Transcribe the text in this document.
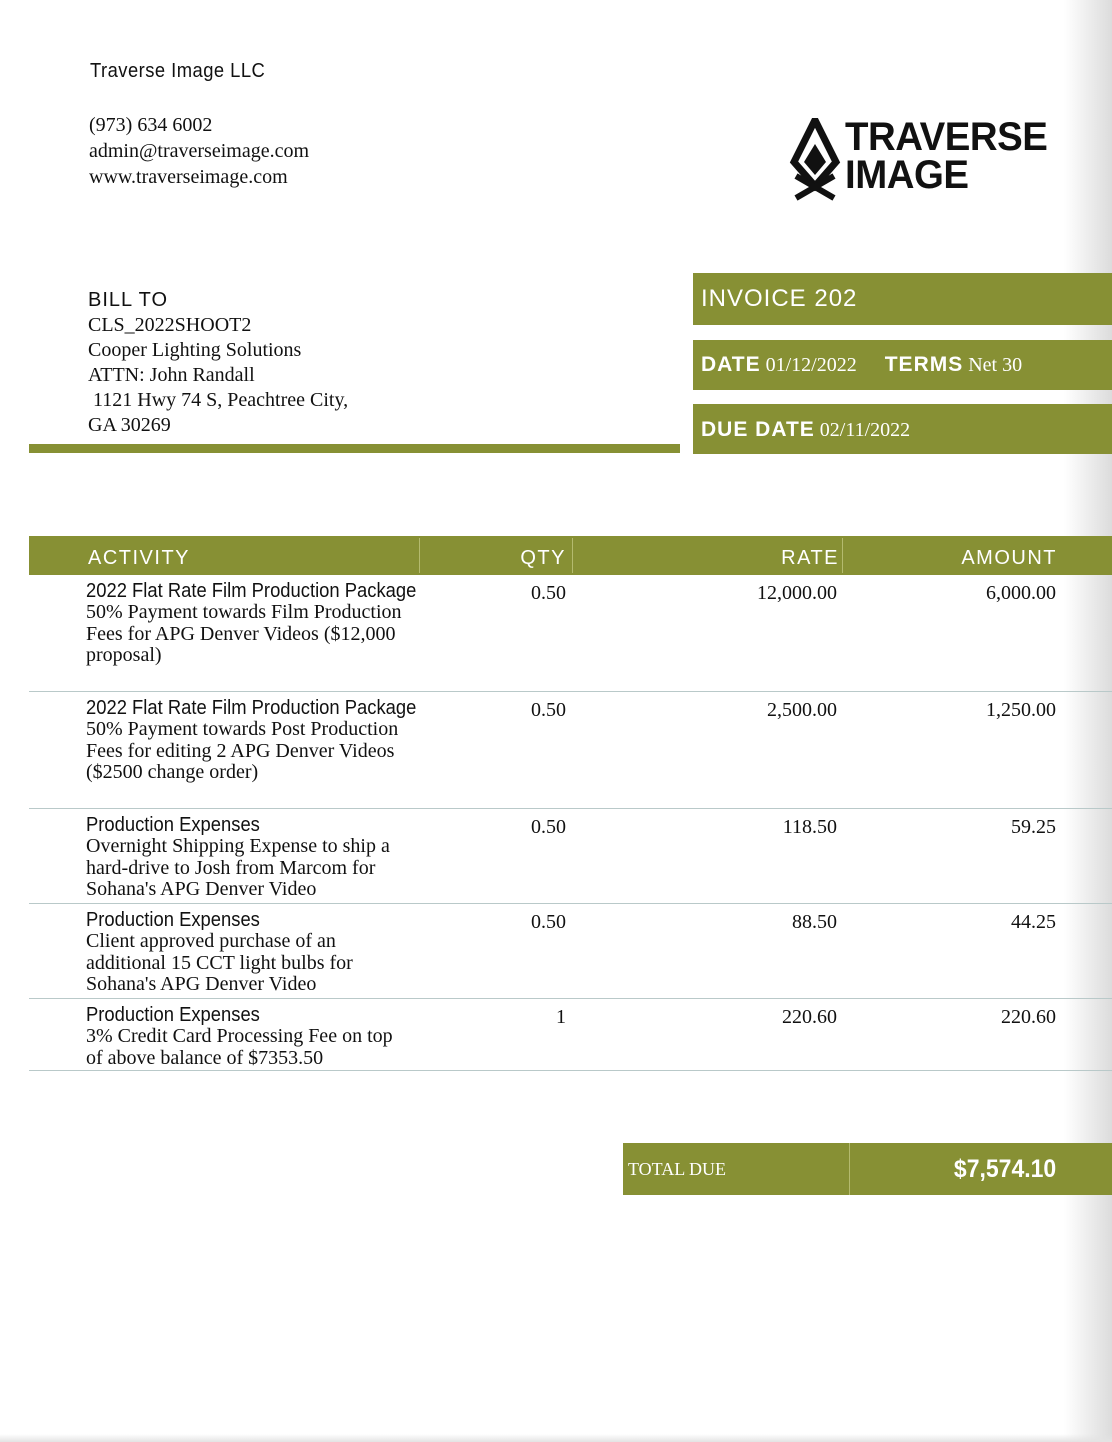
Traverse Image LLC
(973) 634 6002
admin@traverseimage.com
www.traverseimage.com
TRAVERSE
IMAGE
BILL TO
CLS_2022SHOOT2
Cooper Lighting Solutions
ATTN: John Randall
1121 Hwy 74 S, Peachtree City,
GA 30269
INVOICE 202
DATE 01/12/2022 TERMS Net 30
DUE DATE 02/11/2022
ACTIVITY	QTY	RATE	AMOUNT
2022 Flat Rate Film Production Package
50% Payment towards Film Production Fees for APG Denver Videos ($12,000 proposal)
0.50	12,000.00	6,000.00
2022 Flat Rate Film Production Package
50% Payment towards Post Production Fees for editing 2 APG Denver Videos ($2500 change order)
0.50	2,500.00	1,250.00
Production Expenses
Overnight Shipping Expense to ship a hard-drive to Josh from Marcom for Sohana's APG Denver Video
0.50	118.50	59.25
Production Expenses
Client approved purchase of an additional 15 CCT light bulbs for Sohana's APG Denver Video
0.50	88.50	44.25
Production Expenses
3% Credit Card Processing Fee on top of above balance of $7353.50
1	220.60	220.60
TOTAL DUE	$7,574.10
